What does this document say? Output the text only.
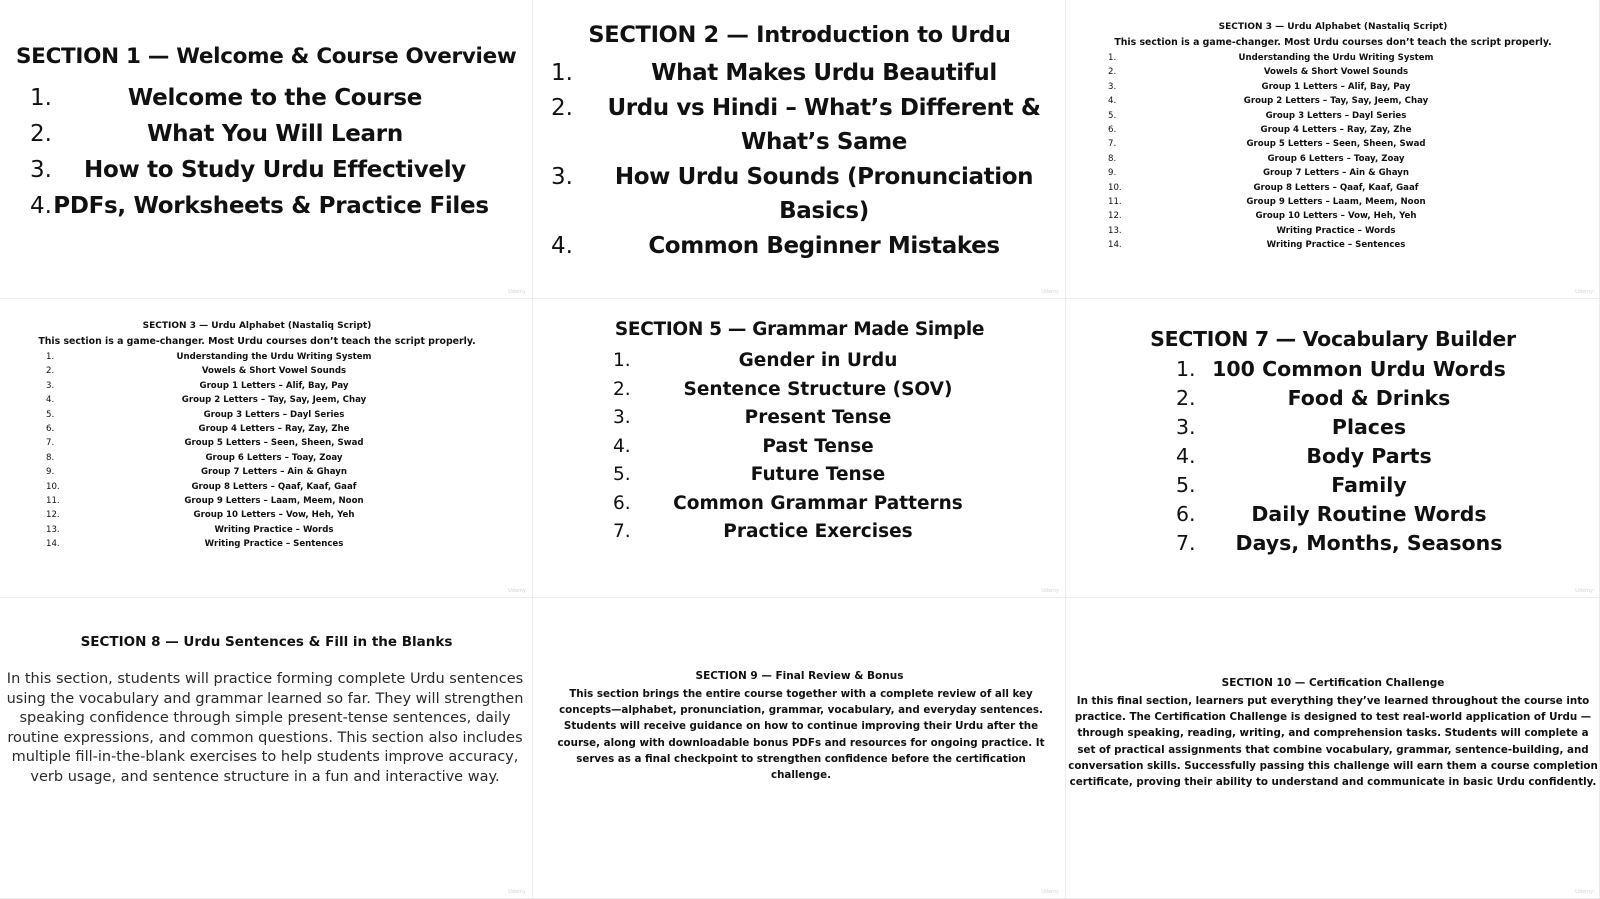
SECTION 1 — Welcome & Course Overview
1.	Welcome to the Course
2.	What You Will Learn
3.	How to Study Urdu Effectively
4. PDFs, Worksheets & Practice Files
Udemy
SECTION 2 — Introduction to Urdu
1.	What Makes Urdu Beautiful
2.	Urdu vs Hindi – What’s Different & What’s Same
3.	How Urdu Sounds (Pronunciation Basics)
4.	Common Beginner Mistakes
Udemy
SECTION 3 — Urdu Alphabet (Nastaliq Script)
This section is a game-changer. Most Urdu courses don’t teach the script properly.
1.	Understanding the Urdu Writing System
2.	Vowels & Short Vowel Sounds
3.	Group 1 Letters – Alif, Bay, Pay
4.	Group 2 Letters – Tay, Say, Jeem, Chay
5.	Group 3 Letters – Dayl Series
6.	Group 4 Letters – Ray, Zay, Zhe
7.	Group 5 Letters – Seen, Sheen, Swad
8.	Group 6 Letters – Toay, Zoay
9.	Group 7 Letters – Ain & Ghayn
10.	Group 8 Letters – Qaaf, Kaaf, Gaaf
11.	Group 9 Letters – Laam, Meem, Noon
12.	Group 10 Letters – Vow, Heh, Yeh
13.	Writing Practice – Words
14.	Writing Practice – Sentences
Udemy
SECTION 3 — Urdu Alphabet (Nastaliq Script)
This section is a game-changer. Most Urdu courses don’t teach the script properly.
1.	Understanding the Urdu Writing System
2.	Vowels & Short Vowel Sounds
3.	Group 1 Letters – Alif, Bay, Pay
4.	Group 2 Letters – Tay, Say, Jeem, Chay
5.	Group 3 Letters – Dayl Series
6.	Group 4 Letters – Ray, Zay, Zhe
7.	Group 5 Letters – Seen, Sheen, Swad
8.	Group 6 Letters – Toay, Zoay
9.	Group 7 Letters – Ain & Ghayn
10.	Group 8 Letters – Qaaf, Kaaf, Gaaf
11.	Group 9 Letters – Laam, Meem, Noon
12.	Group 10 Letters – Vow, Heh, Yeh
13.	Writing Practice – Words
14.	Writing Practice – Sentences
Udemy
SECTION 5 — Grammar Made Simple
1.	Gender in Urdu
2.	Sentence Structure (SOV)
3.	Present Tense
4.	Past Tense
5.	Future Tense
6.	Common Grammar Patterns
7.	Practice Exercises
Udemy
SECTION 7 — Vocabulary Builder
1. 100 Common Urdu Words
2.	Food & Drinks
3.	Places
4.	Body Parts
5.	Family
6.	Daily Routine Words
7.	Days, Months, Seasons
Udemy
SECTION 8 — Urdu Sentences & Fill in the Blanks
In this section, students will practice forming complete Urdu sentences using the vocabulary and grammar learned so far. They will strengthen speaking confidence through simple present-tense sentences, daily routine expressions, and common questions. This section also includes multiple fill-in-the-blank exercises to help students improve accuracy, verb usage, and sentence structure in a fun and interactive way.
Udemy
SECTION 9 — Final Review & Bonus
This section brings the entire course together with a complete review of all key concepts—alphabet, pronunciation, grammar, vocabulary, and everyday sentences. Students will receive guidance on how to continue improving their Urdu after the course, along with downloadable bonus PDFs and resources for ongoing practice. It serves as a final checkpoint to strengthen confidence before the certification challenge.
Udemy
SECTION 10 — Certification Challenge
In this final section, learners put everything they’ve learned throughout the course into practice. The Certification Challenge is designed to test real-world application of Urdu — through speaking, reading, writing, and comprehension tasks. Students will complete a set of practical assignments that combine vocabulary, grammar, sentence-building, and conversation skills. Successfully passing this challenge will earn them a course completion certificate, proving their ability to understand and communicate in basic Urdu confidently.
Udemy
